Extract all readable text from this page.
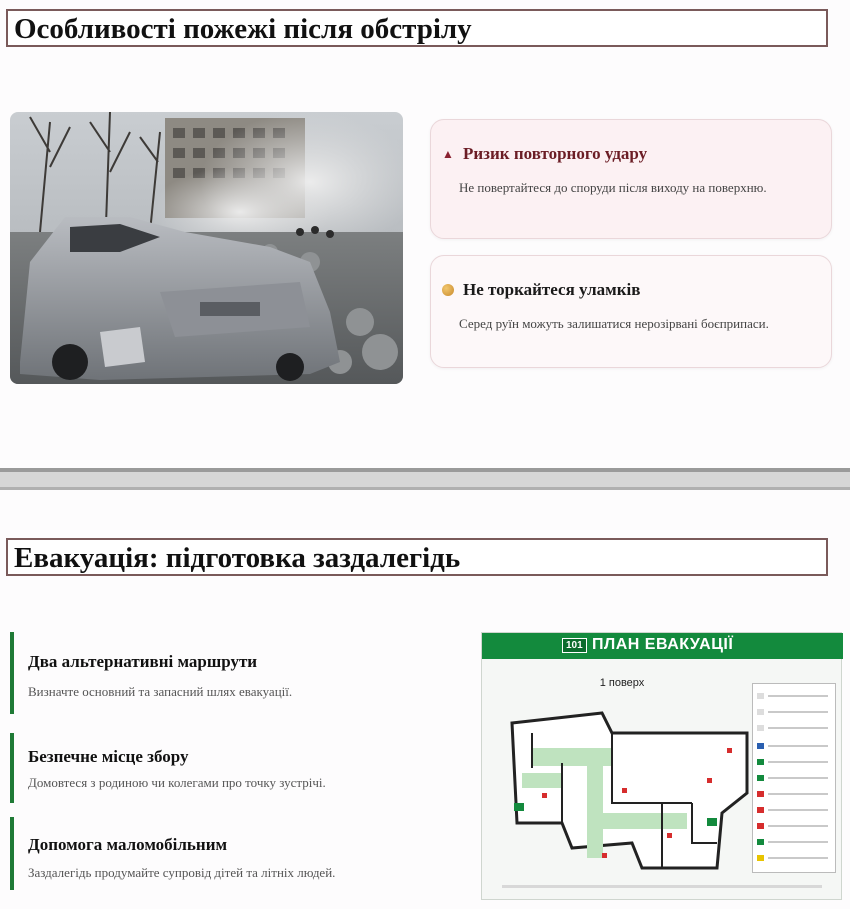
Особливості пожежі після обстрілу
▲ Ризик повторного удару
Не повертайтеся до споруди після виходу на поверхню.
Не торкайтеся уламків
Серед руїн можуть залишатися нерозірвані боєприпаси.
Евакуація: підготовка заздалегідь
Два альтернативні маршрути
Визначте основний та запасний шлях евакуації.
Безпечне місце збору
Домовтеся з родиною чи колегами про точку зустрічі.
Допомога маломобільним
Заздалегідь продумайте супровід дітей та літніх людей.
101 ПЛАН ЕВАКУАЦІЇ
1 поверх
